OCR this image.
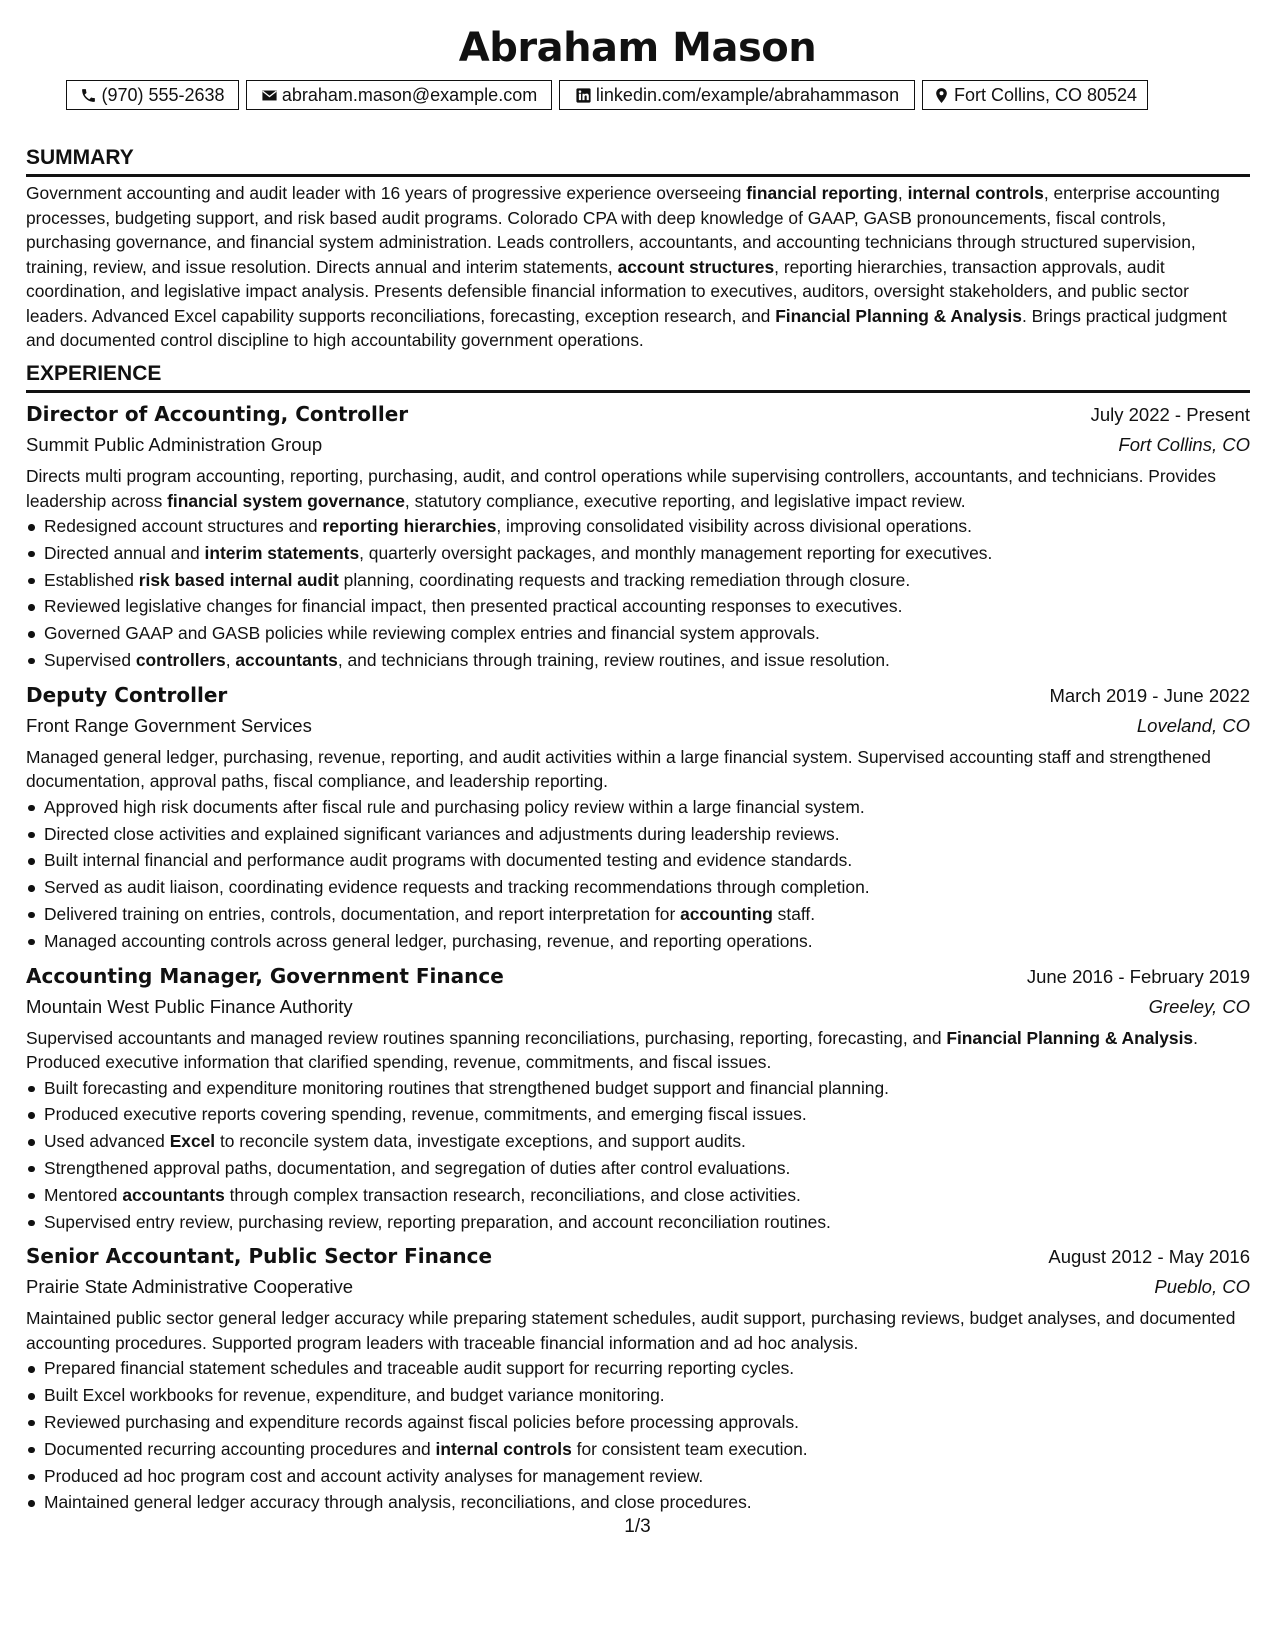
Abraham Mason
(970) 555-2638	abraham.mason@example.com	linkedin.com/example/abrahammason	Fort Collins, CO 80524
SUMMARY
Government accounting and audit leader with 16 years of progressive experience overseeing financial reporting, internal controls, enterprise accounting processes, budgeting support, and risk based audit programs. Colorado CPA with deep knowledge of GAAP, GASB pronouncements, fiscal controls, purchasing governance, and financial system administration. Leads controllers, accountants, and accounting technicians through structured supervision, training, review, and issue resolution. Directs annual and interim statements, account structures, reporting hierarchies, transaction approvals, audit coordination, and legislative impact analysis. Presents defensible financial information to executives, auditors, oversight stakeholders, and public sector leaders. Advanced Excel capability supports reconciliations, forecasting, exception research, and Financial Planning & Analysis. Brings practical judgment and documented control discipline to high accountability government operations.
EXPERIENCE
Director of Accounting, Controller	July 2022 - Present
Summit Public Administration Group	Fort Collins, CO
Directs multi program accounting, reporting, purchasing, audit, and control operations while supervising controllers, accountants, and technicians. Provides leadership across financial system governance, statutory compliance, executive reporting, and legislative impact review.
Redesigned account structures and reporting hierarchies, improving consolidated visibility across divisional operations.
Directed annual and interim statements, quarterly oversight packages, and monthly management reporting for executives.
Established risk based internal audit planning, coordinating requests and tracking remediation through closure.
Reviewed legislative changes for financial impact, then presented practical accounting responses to executives.
Governed GAAP and GASB policies while reviewing complex entries and financial system approvals.
Supervised controllers, accountants, and technicians through training, review routines, and issue resolution.
Deputy Controller	March 2019 - June 2022
Front Range Government Services	Loveland, CO
Managed general ledger, purchasing, revenue, reporting, and audit activities within a large financial system. Supervised accounting staff and strengthened documentation, approval paths, fiscal compliance, and leadership reporting.
Approved high risk documents after fiscal rule and purchasing policy review within a large financial system.
Directed close activities and explained significant variances and adjustments during leadership reviews.
Built internal financial and performance audit programs with documented testing and evidence standards.
Served as audit liaison, coordinating evidence requests and tracking recommendations through completion.
Delivered training on entries, controls, documentation, and report interpretation for accounting staff.
Managed accounting controls across general ledger, purchasing, revenue, and reporting operations.
Accounting Manager, Government Finance	June 2016 - February 2019
Mountain West Public Finance Authority	Greeley, CO
Supervised accountants and managed review routines spanning reconciliations, purchasing, reporting, forecasting, and Financial Planning & Analysis. Produced executive information that clarified spending, revenue, commitments, and fiscal issues.
Built forecasting and expenditure monitoring routines that strengthened budget support and financial planning.
Produced executive reports covering spending, revenue, commitments, and emerging fiscal issues.
Used advanced Excel to reconcile system data, investigate exceptions, and support audits.
Strengthened approval paths, documentation, and segregation of duties after control evaluations.
Mentored accountants through complex transaction research, reconciliations, and close activities.
Supervised entry review, purchasing review, reporting preparation, and account reconciliation routines.
Senior Accountant, Public Sector Finance	August 2012 - May 2016
Prairie State Administrative Cooperative	Pueblo, CO
Maintained public sector general ledger accuracy while preparing statement schedules, audit support, purchasing reviews, budget analyses, and documented accounting procedures. Supported program leaders with traceable financial information and ad hoc analysis.
Prepared financial statement schedules and traceable audit support for recurring reporting cycles.
Built Excel workbooks for revenue, expenditure, and budget variance monitoring.
Reviewed purchasing and expenditure records against fiscal policies before processing approvals.
Documented recurring accounting procedures and internal controls for consistent team execution.
Produced ad hoc program cost and account activity analyses for management review.
Maintained general ledger accuracy through analysis, reconciliations, and close procedures.
1/3
